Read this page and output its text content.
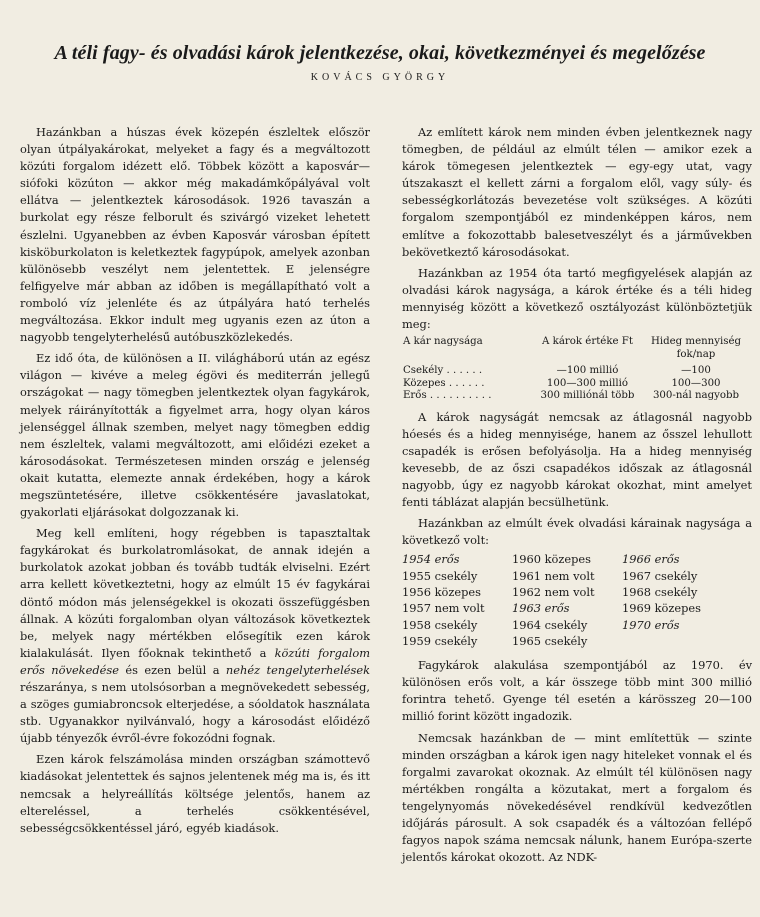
A téli fagy- és olvadási károk jelentkezése, okai, következményei és megelőzése
KOVÁCS GYÖRGY

Hazánkban a húszas évek közepén észleltek először olyan útpályakárokat, melyeket a fagy és a megváltozott közúti forgalom idézett elő. Többek között a kaposvár—siófoki közúton — akkor még makadámkőpályával volt ellátva — jelentkeztek károsodások. 1926 tavaszán a burkolat egy része felborult és szivárgó vizeket lehetett észlelni. Ugyanebben az évben Kaposvár városban épített kisköburkolaton is keletkeztek fagypúpok, amelyek azonban különösebb veszélyt nem jelentettek. E jelenségre felfigyelve már abban az időben is megállapítható volt a romboló víz jelenléte és az útpályára ható terhelés megváltozása. Ekkor indult meg ugyanis ezen az úton a nagyobb tengelyterhelésű autóbuszközlekedés.

Ez idő óta, de különösen a II. világháború után az egész világon — kivéve a meleg égövi és mediterrán jellegű országokat — nagy tömegben jelentkeztek olyan fagykárok, melyek ráirányították a figyelmet arra, hogy olyan káros jelenséggel állnak szemben, melyet nagy tömegben eddig nem észleltek, valami megváltozott, ami előidézi ezeket a károsodásokat. Természetesen minden ország e jelenség okait kutatta, elemezte annak érdekében, hogy a károk megszüntetésére, illetve csökkentésére javaslatokat, gyakorlati eljárásokat dolgozzanak ki.

Meg kell említeni, hogy régebben is tapasztaltak fagykárokat és burkolatromlásokat, de annak idején a burkolatok azokat jobban és tovább tudták elviselni. Ezért arra kellett következtetni, hogy az elmúlt 15 év fagykárai döntő módon más jelenségekkel is okozati összefüggésben állnak. A közúti forgalomban olyan változások következtek be, melyek nagy mértékben elősegítik ezen károk kialakulását. Ilyen főoknak tekinthető a közúti forgalom erős növekedése és ezen belül a nehéz tengelyterhelések részaránya, s nem utolsósorban a megnövekedett sebesség, a szöges gumiabroncsok elterjedése, a sóoldatok használata stb. Ugyanakkor nyilvánvaló, hogy a károsodást előidéző újabb tényezők évről-évre fokozódni fognak.

Ezen károk felszámolása minden országban számottevő kiadásokat jelentettek és sajnos jelentenek még ma is, és itt nemcsak a helyreállítás költsége jelentős, hanem az eltereléssel, a terhelés csökkentésével, sebességcsökkentéssel járó, egyéb kiadások.

Az említett károk nem minden évben jelentkeznek nagy tömegben, de például az elmúlt télen — amikor ezek a károk tömegesen jelentkeztek — egy-egy utat, vagy útszakaszt el kellett zárni a forgalom elől, vagy súly- és sebességkorlátozás bevezetése volt szükséges. A közúti forgalom szempontjából ez mindenképpen káros, nem említve a fokozottabb balesetveszélyt és a járművekben bekövetkeztő károsodásokat.

Hazánkban az 1954 óta tartó megfigyelések alapján az olvadási károk nagysága, a károk értéke és a téli hideg mennyiség között a következő osztályozást különböztetjük meg:

A kár nagysága	A károk értéke Ft	Hideg mennyiség fok/nap
Csekély . . . . . .	—100 millió	—100
Közepes . . . . . .	100—300 millió	100—300
Erős . . . . . . . . . .	300 milliónál több	300-nál nagyobb

A károk nagyságát nemcsak az átlagosnál nagyobb hóesés és a hideg mennyisége, hanem az ősszel lehullott csapadék is erősen befolyásolja. Ha a hideg mennyiség kevesebb, de az őszi csapadékos időszak az átlagosnál nagyobb, úgy ez nagyobb károkat okozhat, mint amelyet fenti táblázat alapján becsülhetünk.

Hazánkban az elmúlt évek olvadási kárainak nagysága a következő volt:

1954 erős	1960 közepes	1966 erős
1955 csekély	1961 nem volt	1967 csekély
1956 közepes	1962 nem volt	1968 csekély
1957 nem volt	1963 erős	1969 közepes
1958 csekély	1964 csekély	1970 erős
1959 csekély	1965 csekély	

Fagykárok alakulása szempontjából az 1970. év különösen erős volt, a kár összege több mint 300 millió forintra tehető. Gyenge tél esetén a kárösszeg 20—100 millió forint között ingadozik.

Nemcsak hazánkban de — mint említettük — szinte minden országban a károk igen nagy hiteleket vonnak el és forgalmi zavarokat okoznak. Az elmúlt tél különösen nagy mértékben rongálta a közutakat, mert a forgalom és tengelynyomás növekedésével rendkívül kedvezőtlen időjárás párosult. A sok csapadék és a változóan fellépő fagyos napok száma nemcsak nálunk, hanem Európa-szerte jelentős károkat okozott. Az NDK-
